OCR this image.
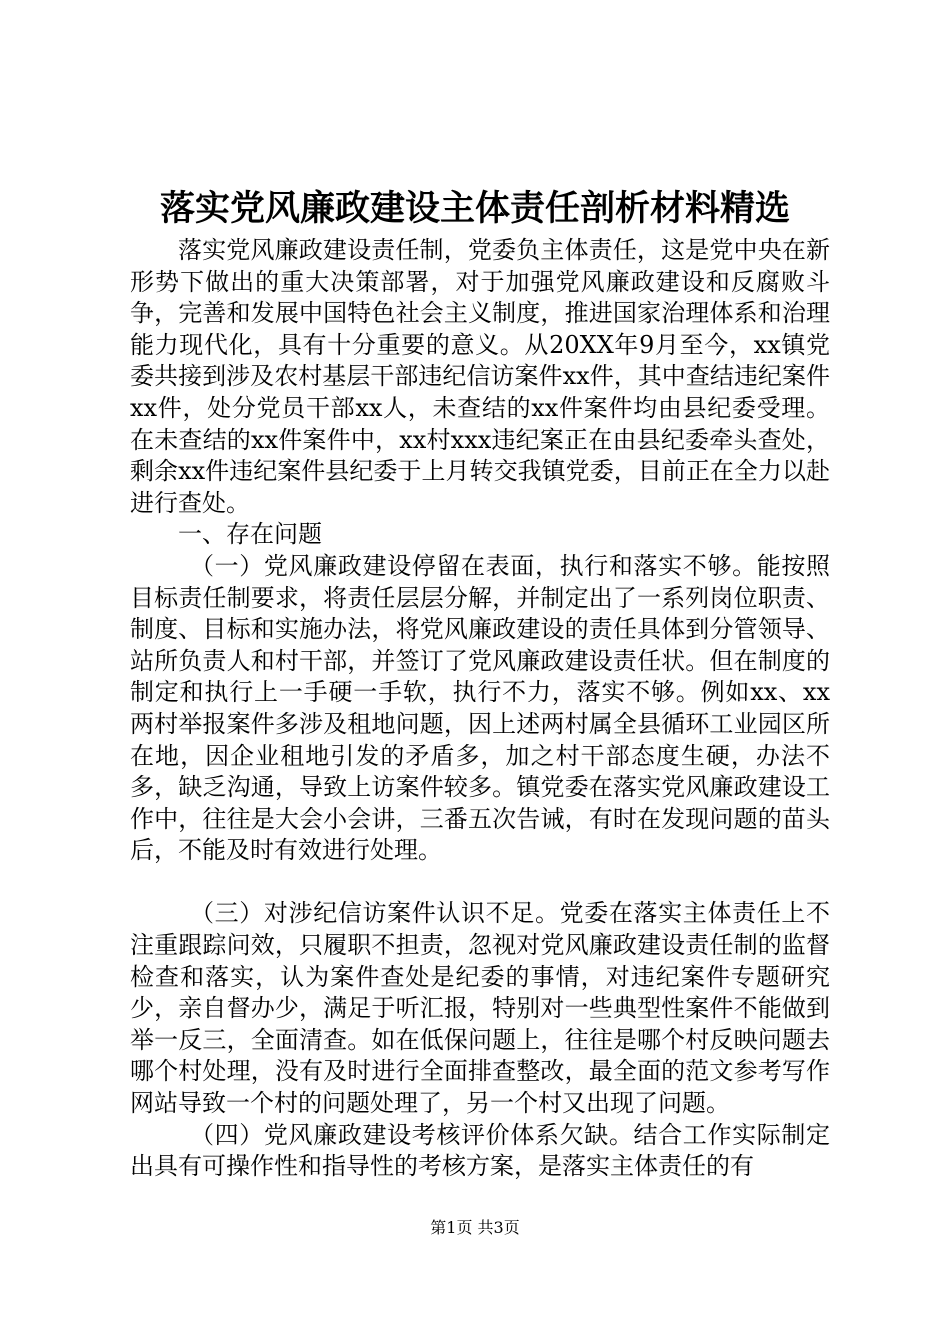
落实党风廉政建设主体责任剖析材料精选

落实党风廉政建设责任制，党委负主体责任，这是党中央在新形势下做出的重大决策部署，对于加强党风廉政建设和反腐败斗争，完善和发展中国特色社会主义制度，推进国家治理体系和治理能力现代化，具有十分重要的意义。从20XX年9月至今，xx镇党委共接到涉及农村基层干部违纪信访案件xx件，其中查结违纪案件xx件，处分党员干部xx人，未查结的xx件案件均由县纪委受理。在未查结的xx件案件中，xx村xxx违纪案正在由县纪委牵头查处，剩余xx件违纪案件县纪委于上月转交我镇党委，目前正在全力以赴进行查处。

一、存在问题

（一）党风廉政建设停留在表面，执行和落实不够。能按照目标责任制要求，将责任层层分解，并制定出了一系列岗位职责、制度、目标和实施办法，将党风廉政建设的责任具体到分管领导、站所负责人和村干部，并签订了党风廉政建设责任状。但在制度的制定和执行上一手硬一手软，执行不力，落实不够。例如xx、xx两村举报案件多涉及租地问题，因上述两村属全县循环工业园区所在地，因企业租地引发的矛盾多，加之村干部态度生硬，办法不多，缺乏沟通，导致上访案件较多。镇党委在落实党风廉政建设工作中，往往是大会小会讲，三番五次告诫，有时在发现问题的苗头后，不能及时有效进行处理。

（三）对涉纪信访案件认识不足。党委在落实主体责任上不注重跟踪问效，只履职不担责，忽视对党风廉政建设责任制的监督检查和落实，认为案件查处是纪委的事情，对违纪案件专题研究少，亲自督办少，满足于听汇报，特别对一些典型性案件不能做到举一反三，全面清查。如在低保问题上，往往是哪个村反映问题去哪个村处理，没有及时进行全面排查整改，最全面的范文参考写作网站导致一个村的问题处理了，另一个村又出现了问题。

（四）党风廉政建设考核评价体系欠缺。结合工作实际制定出具有可操作性和指导性的考核方案，是落实主体责任的有

第1页 共3页
